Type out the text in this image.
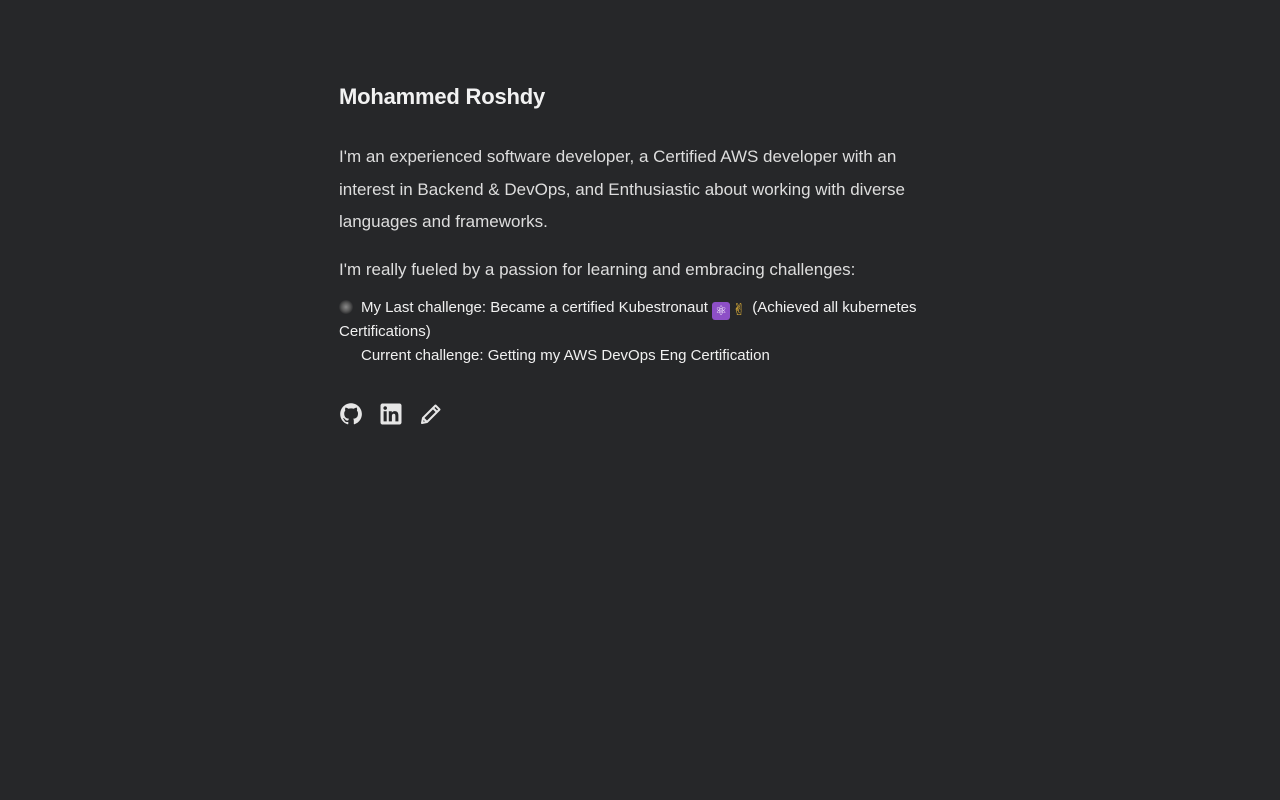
Mohammed Roshdy

I'm an experienced software developer, a Certified AWS developer with an interest in Backend & DevOps, and Enthusiastic about working with diverse languages and frameworks.

I'm really fueled by a passion for learning and embracing challenges:

My Last challenge: Became a certified Kubestronaut ⚛ ✌ (Achieved all kubernetes Certifications)
Current challenge: Getting my AWS DevOps Eng Certification
